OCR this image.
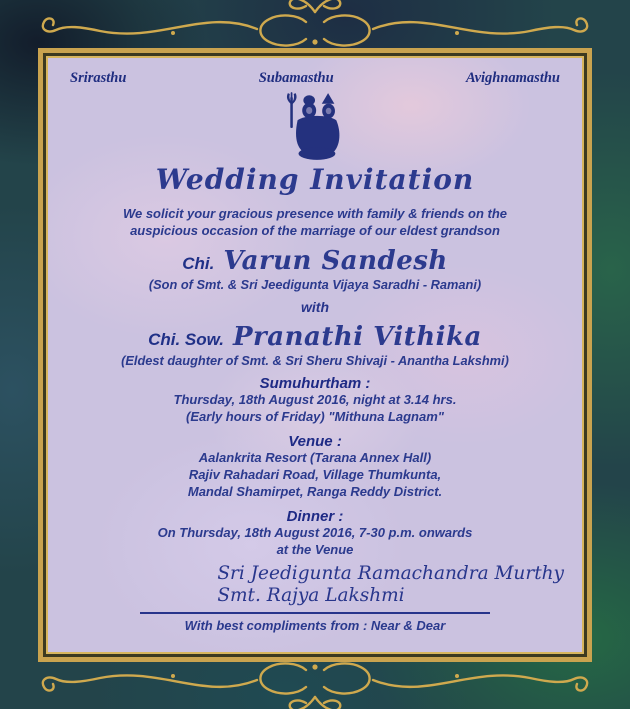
Srirasthu	Subamasthu	Avighnamasthu
Wedding Invitation
We solicit your gracious presence with family & friends on the
auspicious occasion of the marriage of our eldest grandson
Chi. Varun Sandesh
(Son of Smt. & Sri Jeedigunta Vijaya Saradhi - Ramani)
with
Chi. Sow. Pranathi Vithika
(Eldest daughter of Smt. & Sri Sheru Shivaji - Anantha Lakshmi)
Sumuhurtham :
Thursday, 18th August 2016, night at 3.14 hrs.
(Early hours of Friday) "Mithuna Lagnam"
Venue :
Aalankrita Resort (Tarana Annex Hall)
Rajiv Rahadari Road, Village Thumkunta,
Mandal Shamirpet, Ranga Reddy District.
Dinner :
On Thursday, 18th August 2016, 7-30 p.m. onwards
at the Venue
Sri Jeedigunta Ramachandra Murthy
Smt. Rajya Lakshmi
With best compliments from : Near & Dear
